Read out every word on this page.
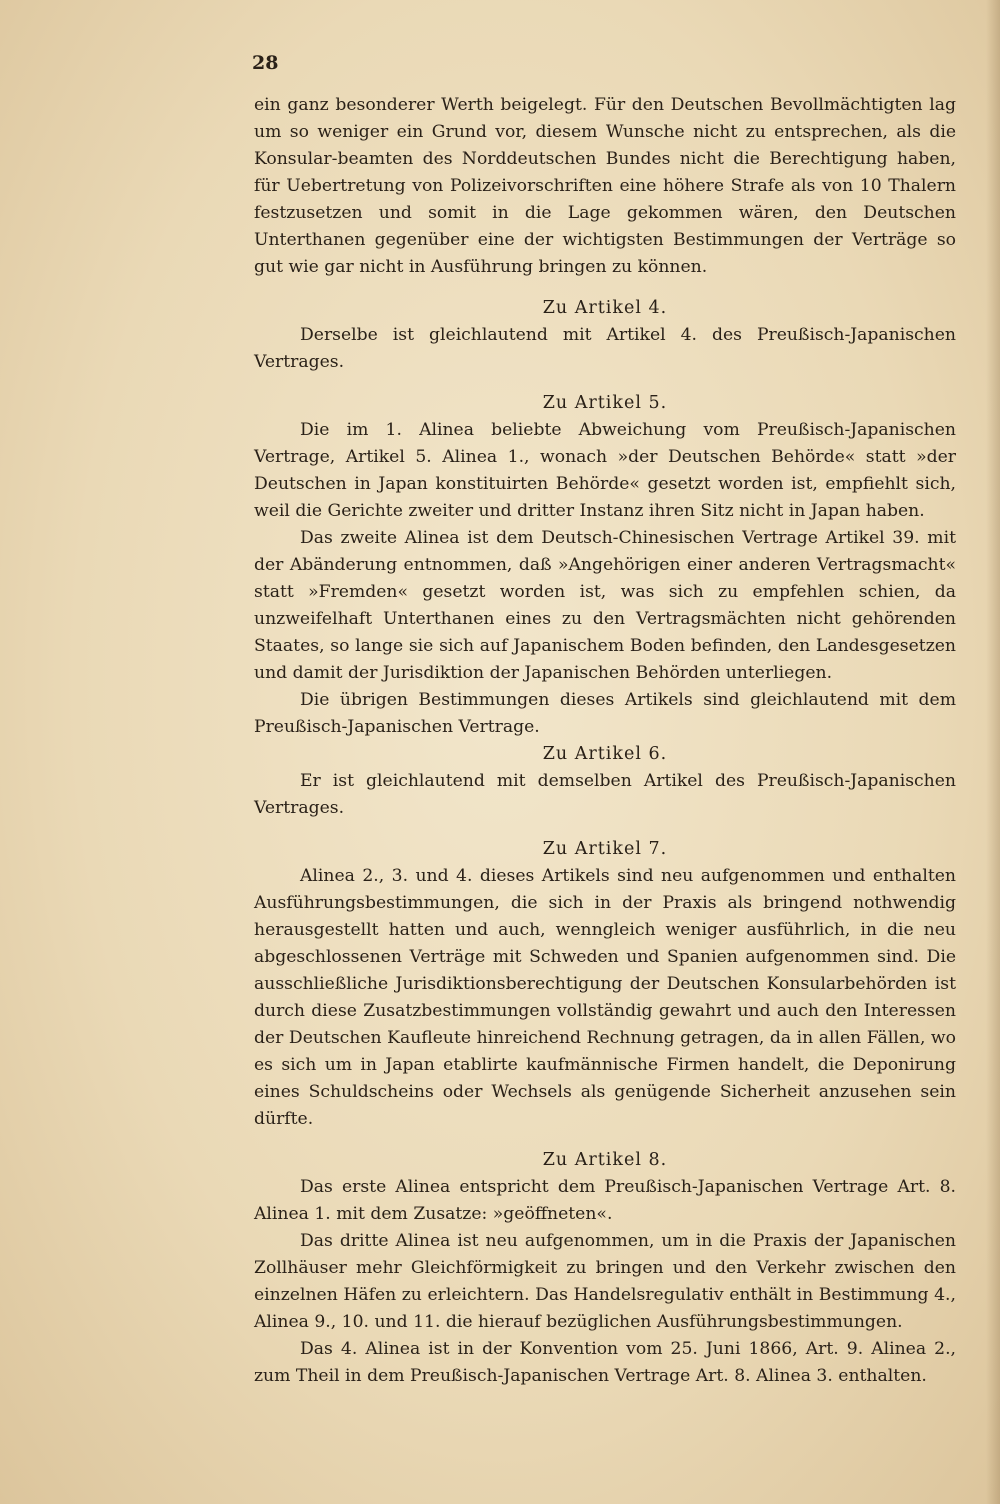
28

ein ganz besonderer Werth beigelegt. Für den Deutschen Bevollmächtigten lag um so weniger ein Grund vor, diesem Wunsche nicht zu entsprechen, als die Konsular-beamten des Norddeutschen Bundes nicht die Berechtigung haben, für Uebertretung von Polizeivorschriften eine höhere Strafe als von 10 Thalern festzusetzen und somit in die Lage gekommen wären, den Deutschen Unterthanen gegenüber eine der wichtigsten Bestimmungen der Verträge so gut wie gar nicht in Ausführung bringen zu können.

Zu Artikel 4.

Derselbe ist gleichlautend mit Artikel 4. des Preußisch-Japanischen Vertrages.

Zu Artikel 5.

Die im 1. Alinea beliebte Abweichung vom Preußisch-Japanischen Vertrage, Artikel 5. Alinea 1., wonach »der Deutschen Behörde« statt »der Deutschen in Japan konstituirten Behörde« gesetzt worden ist, empfiehlt sich, weil die Gerichte zweiter und dritter Instanz ihren Sitz nicht in Japan haben.

Das zweite Alinea ist dem Deutsch-Chinesischen Vertrage Artikel 39. mit der Abänderung entnommen, daß »Angehörigen einer anderen Vertragsmacht« statt »Fremden« gesetzt worden ist, was sich zu empfehlen schien, da unzweifelhaft Unterthanen eines zu den Vertragsmächten nicht gehörenden Staates, so lange sie sich auf Japanischem Boden befinden, den Landesgesetzen und damit der Jurisdiktion der Japanischen Behörden unterliegen.

Die übrigen Bestimmungen dieses Artikels sind gleichlautend mit dem Preußisch-Japanischen Vertrage.

Zu Artikel 6.

Er ist gleichlautend mit demselben Artikel des Preußisch-Japanischen Vertrages.

Zu Artikel 7.

Alinea 2., 3. und 4. dieses Artikels sind neu aufgenommen und enthalten Ausführungsbestimmungen, die sich in der Praxis als bringend nothwendig herausgestellt hatten und auch, wenngleich weniger ausführlich, in die neu abgeschlossenen Verträge mit Schweden und Spanien aufgenommen sind. Die ausschließliche Jurisdiktionsberechtigung der Deutschen Konsularbehörden ist durch diese Zusatzbestimmungen vollständig gewahrt und auch den Interessen der Deutschen Kaufleute hinreichend Rechnung getragen, da in allen Fällen, wo es sich um in Japan etablirte kaufmännische Firmen handelt, die Deponirung eines Schuldscheins oder Wechsels als genügende Sicherheit anzusehen sein dürfte.

Zu Artikel 8.

Das erste Alinea entspricht dem Preußisch-Japanischen Vertrage Art. 8. Alinea 1. mit dem Zusatze: »geöffneten«.

Das dritte Alinea ist neu aufgenommen, um in die Praxis der Japanischen Zollhäuser mehr Gleichförmigkeit zu bringen und den Verkehr zwischen den einzelnen Häfen zu erleichtern. Das Handelsregulativ enthält in Bestimmung 4., Alinea 9., 10. und 11. die hierauf bezüglichen Ausführungsbestimmungen.

Das 4. Alinea ist in der Konvention vom 25. Juni 1866, Art. 9. Alinea 2., zum Theil in dem Preußisch-Japanischen Vertrage Art. 8. Alinea 3. enthalten.
